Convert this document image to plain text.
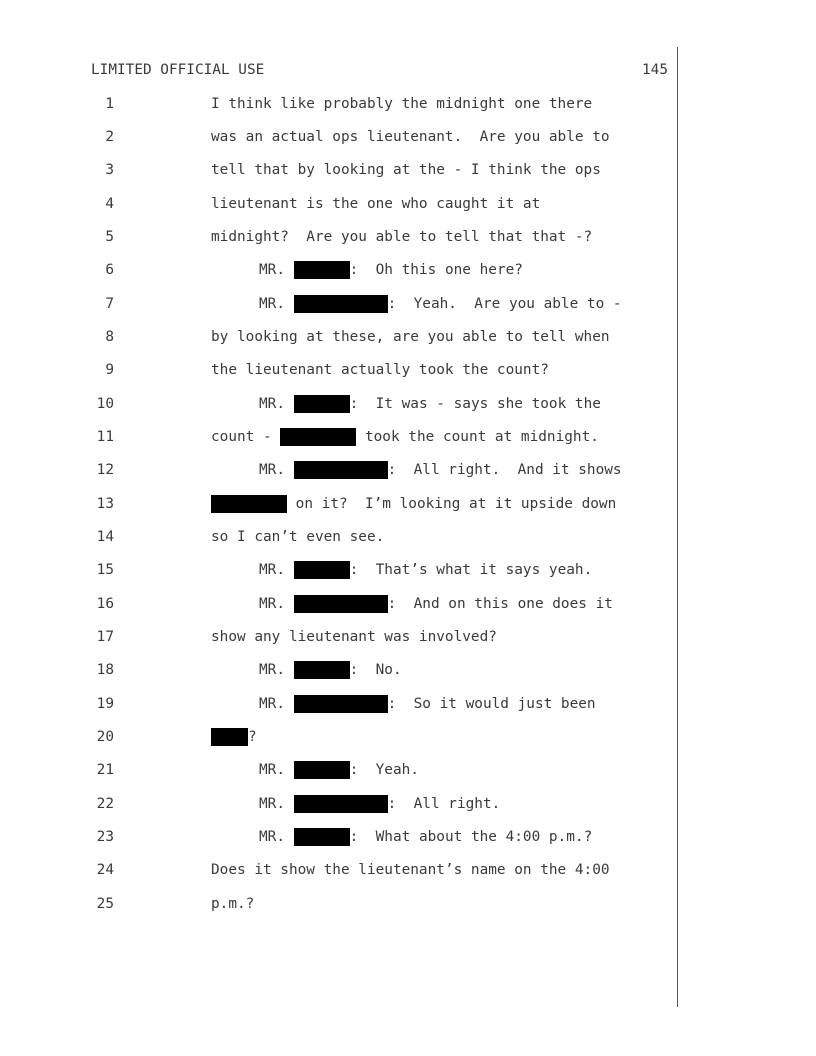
LIMITED OFFICIAL USE	145
1	I think like probably the midnight one there
2	was an actual ops lieutenant.  Are you able to
3	tell that by looking at the - I think the ops
4	lieutenant is the one who caught it at
5	midnight?  Are you able to tell that that -?
6	MR.	:  Oh this one here?
7	MR.	:  Yeah.  Are you able to -
8	by looking at these, are you able to tell when
9	the lieutenant actually took the count?
10	MR.	:  It was - says she took the
11	count -	took the count at midnight.
12	MR.	:  All right.  And it shows
13	on it?  I’m looking at it upside down
14	so I can’t even see.
15	MR.	:  That’s what it says yeah.
16	MR.	:  And on this one does it
17	show any lieutenant was involved?
18	MR.	:  No.
19	MR.	:  So it would just been
20	?
21	MR.	:  Yeah.
22	MR.	:  All right.
23	MR.	:  What about the 4:00 p.m.?
24	Does it show the lieutenant’s name on the 4:00
25	p.m.?
